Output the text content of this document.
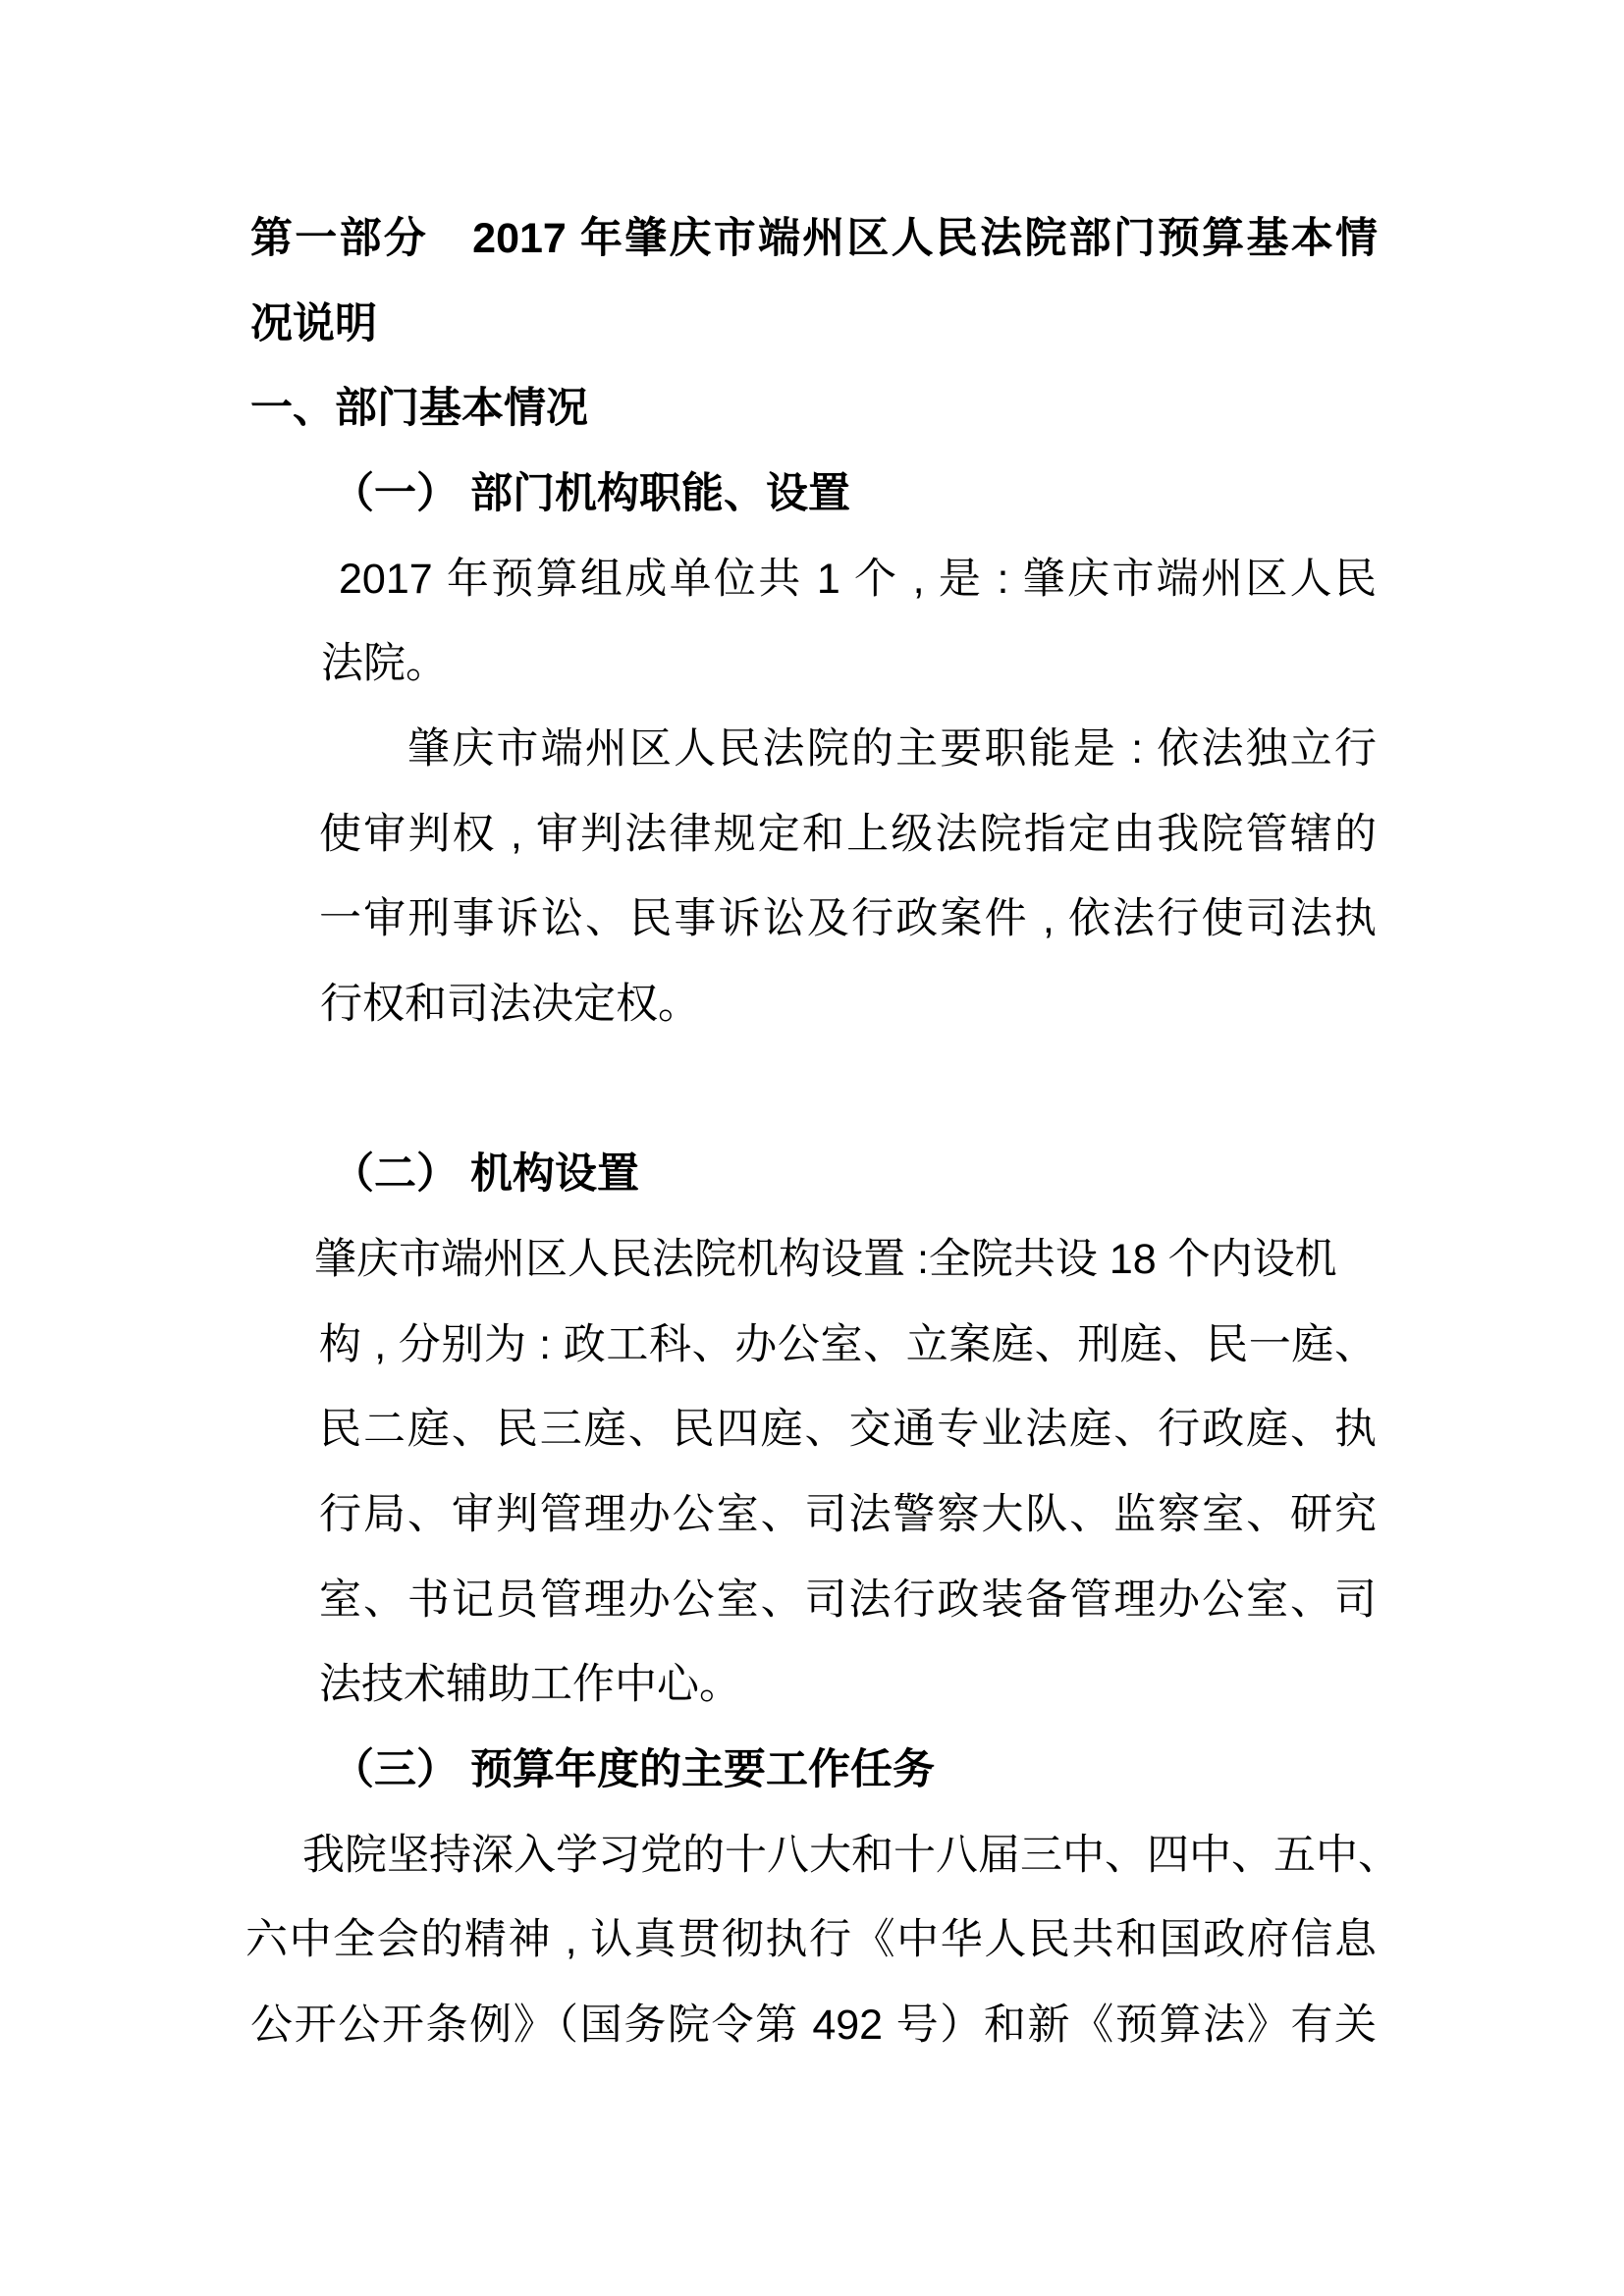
第一部分　2017 年肇庆市端州区人民法院部门预算基本情
况说明
一、部门基本情况
（一） 部门机构职能、设置
2017 年预算组成单位共 1 个 , 是 : 肇庆市端州区人民
法院。
肇庆市端州区人民法院的主要职能是 : 依法独立行
使审判权 , 审判法律规定和上级法院指定由我院管辖的
一审刑事诉讼、民事诉讼及行政案件 , 依法行使司法执
行权和司法决定权。
（二） 机构设置
肇庆市端州区人民法院机构设置 :全院共设 18 个内设机
构 , 分别为 : 政工科、办公室、立案庭、刑庭、民一庭、
民二庭、民三庭、民四庭、交通专业法庭、行政庭、执
行局、审判管理办公室、司法警察大队、监察室、研究
室、书记员管理办公室、司法行政装备管理办公室、司
法技术辅助工作中心。
（三） 预算年度的主要工作任务
我院坚持深入学习党的十八大和十八届三中、四中、五中、
六中全会的精神 , 认真贯彻执行《中华人民共和国政府信息
公开公开条例》（国务院令第 492 号）和新《预算法》有关
